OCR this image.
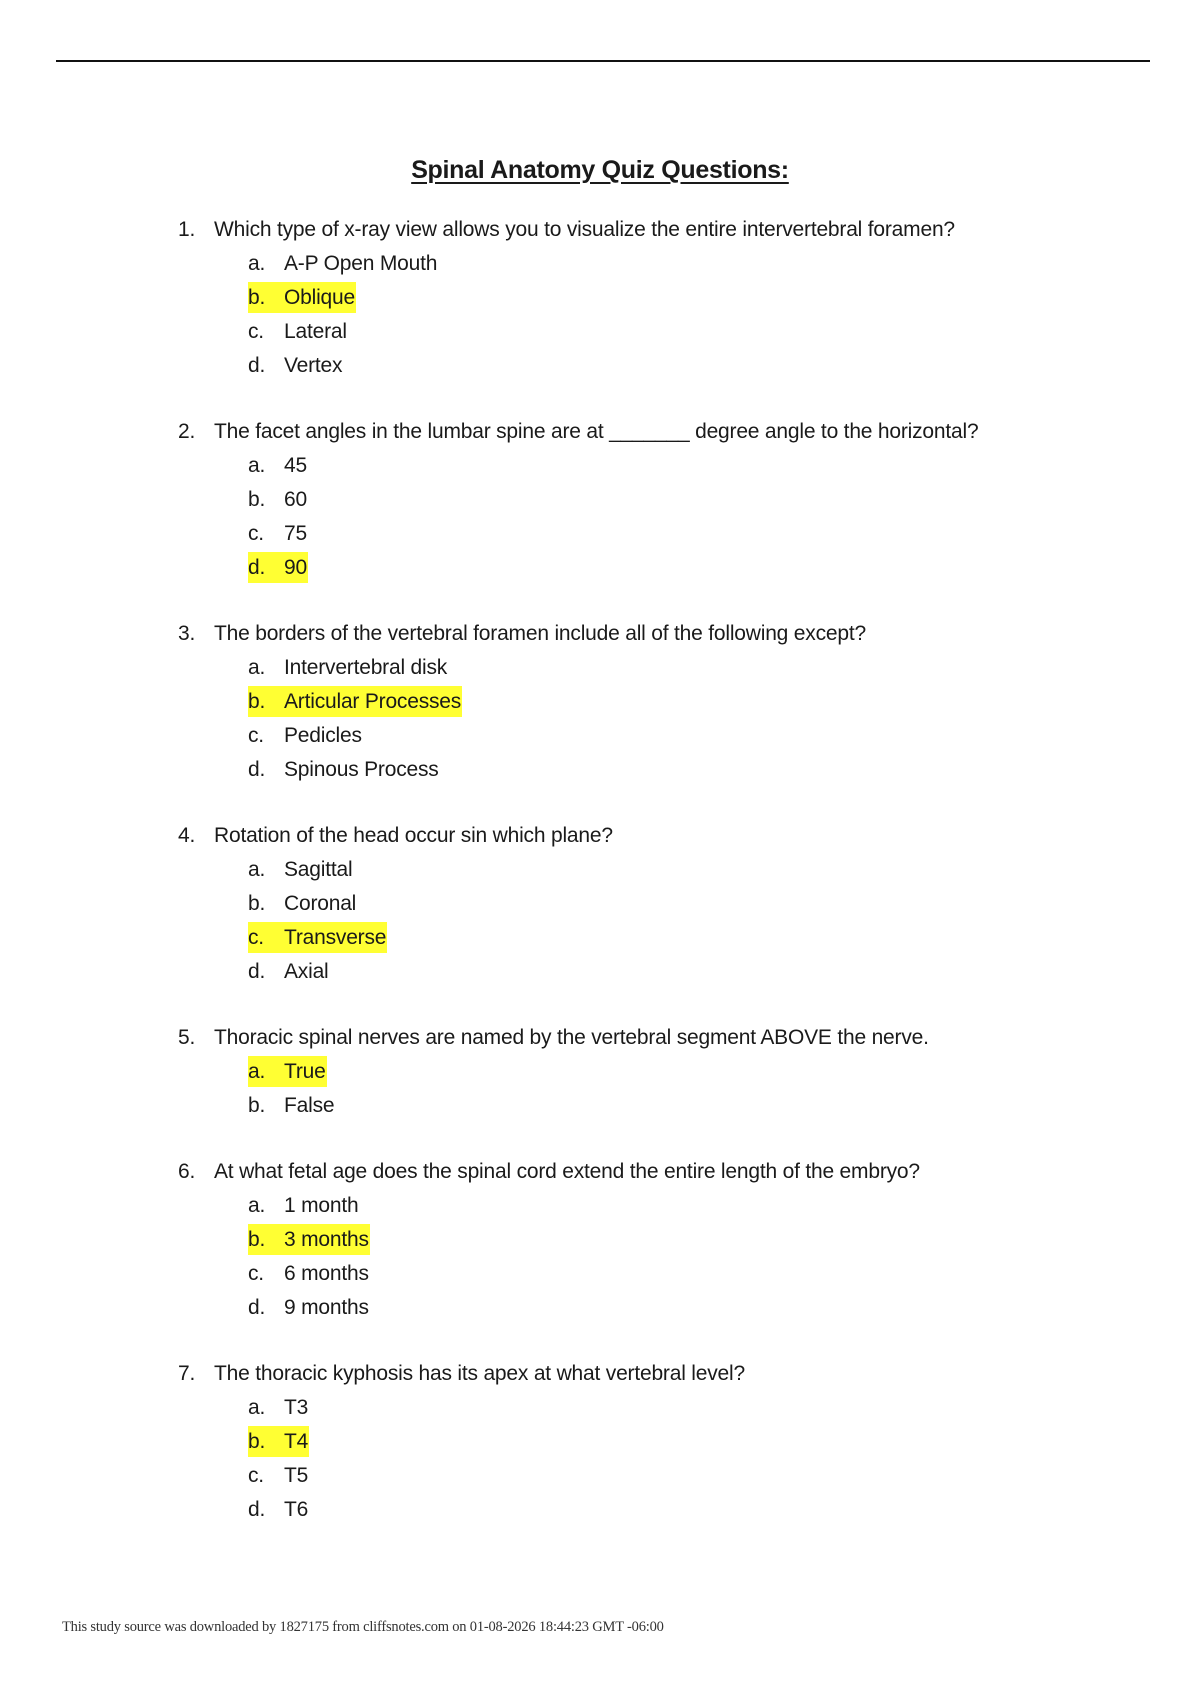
Spinal Anatomy Quiz Questions:
1. Which type of x-ray view allows you to visualize the entire intervertebral foramen?
a. A-P Open Mouth
b. Oblique
c. Lateral
d. Vertex
2. The facet angles in the lumbar spine are at _______ degree angle to the horizontal?
a. 45
b. 60
c. 75
d. 90
3. The borders of the vertebral foramen include all of the following except?
a. Intervertebral disk
b. Articular Processes
c. Pedicles
d. Spinous Process
4. Rotation of the head occur sin which plane?
a. Sagittal
b. Coronal
c. Transverse
d. Axial
5. Thoracic spinal nerves are named by the vertebral segment ABOVE the nerve.
a. True
b. False
6. At what fetal age does the spinal cord extend the entire length of the embryo?
a. 1 month
b. 3 months
c. 6 months
d. 9 months
7. The thoracic kyphosis has its apex at what vertebral level?
a. T3
b. T4
c. T5
d. T6
This study source was downloaded by 1827175 from cliffsnotes.com on 01-08-2026 18:44:23 GMT -06:00
